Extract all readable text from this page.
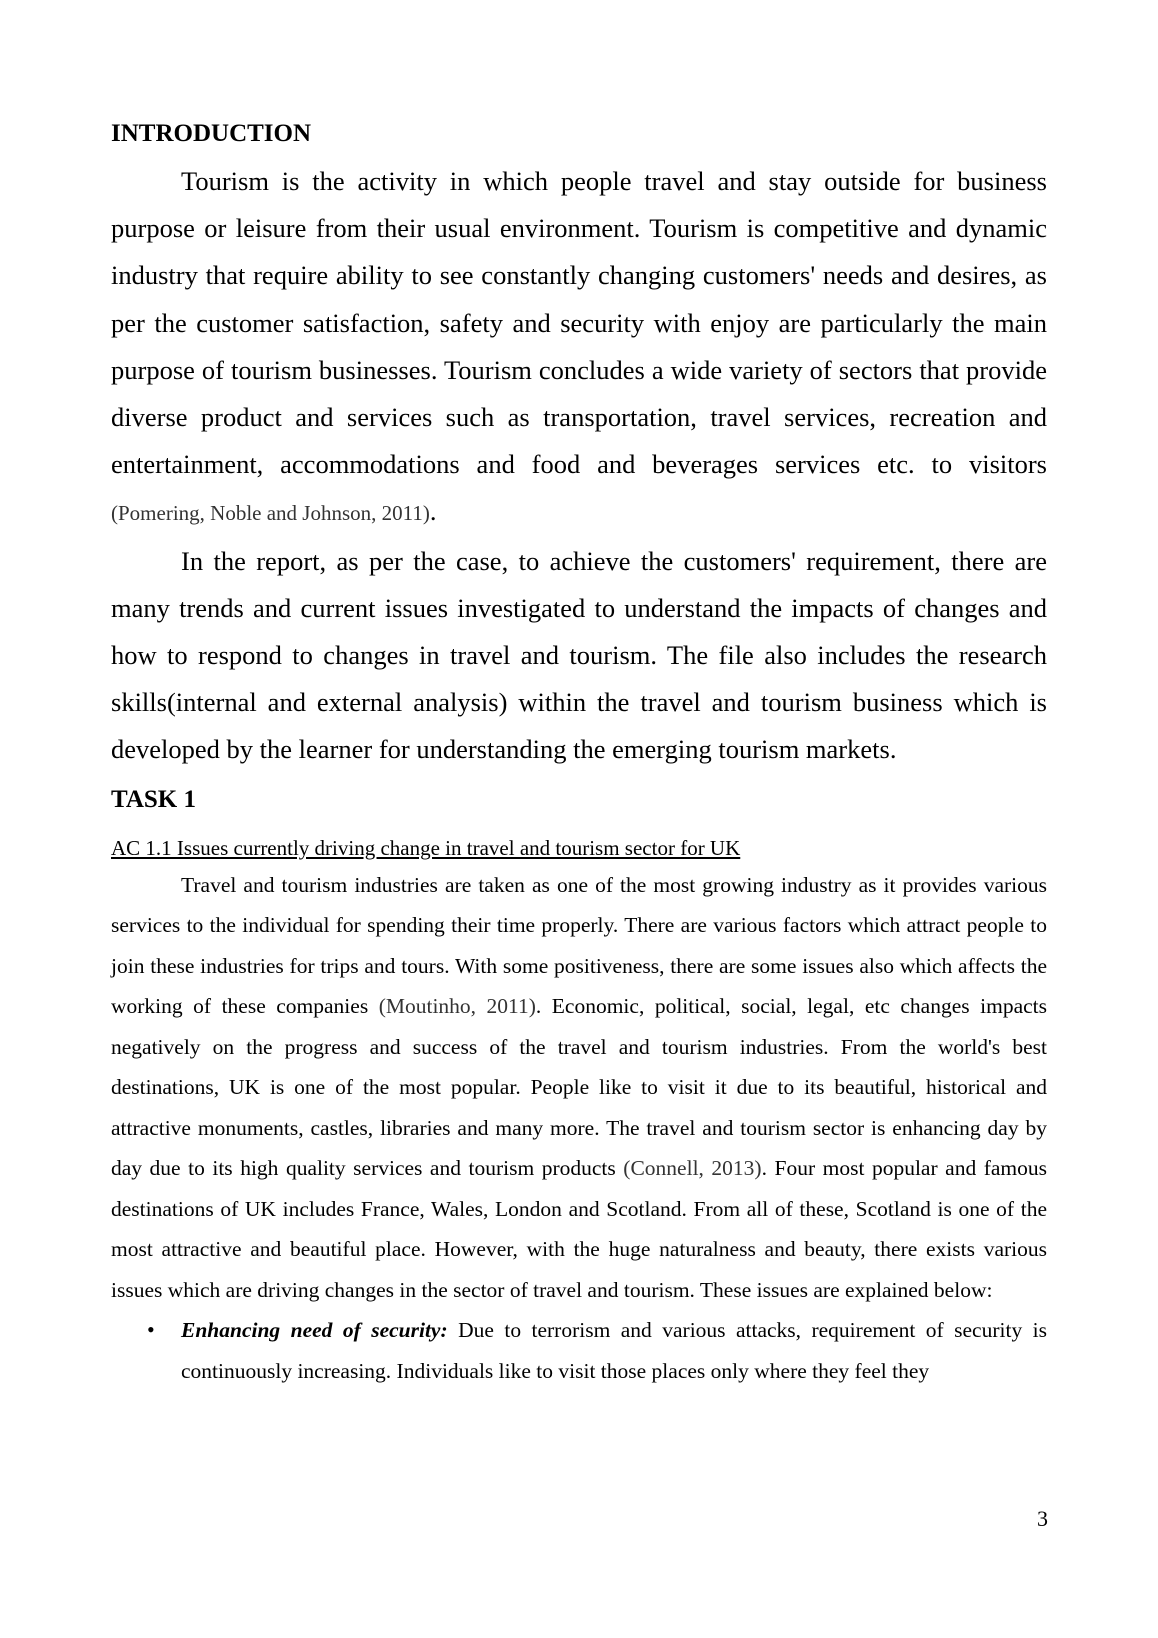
INTRODUCTION

Tourism is the activity in which people travel and stay outside for business purpose or leisure from their usual environment. Tourism is competitive and dynamic industry that require ability to see constantly changing customers' needs and desires, as per the customer satisfaction, safety and security with enjoy are particularly the main purpose of tourism businesses. Tourism concludes a wide variety of sectors that provide diverse product and services such as transportation, travel services, recreation and entertainment, accommodations and food and beverages services etc. to visitors (Pomering, Noble and Johnson, 2011).

In the report, as per the case, to achieve the customers' requirement, there are many trends and current issues investigated to understand the impacts of changes and how to respond to changes in travel and tourism. The file also includes the research skills(internal and external analysis) within the travel and tourism business which is developed by the learner for understanding the emerging tourism markets.

TASK 1

AC 1.1 Issues currently driving change in travel and tourism sector for UK

Travel and tourism industries are taken as one of the most growing industry as it provides various services to the individual for spending their time properly. There are various factors which attract people to join these industries for trips and tours. With some positiveness, there are some issues also which affects the working of these companies (Moutinho, 2011). Economic, political, social, legal, etc changes impacts negatively on the progress and success of the travel and tourism industries. From the world's best destinations, UK is one of the most popular. People like to visit it due to its beautiful, historical and attractive monuments, castles, libraries and many more. The travel and tourism sector is enhancing day by day due to its high quality services and tourism products (Connell, 2013). Four most popular and famous destinations of UK includes France, Wales, London and Scotland. From all of these, Scotland is one of the most attractive and beautiful place. However, with the huge naturalness and beauty, there exists various issues which are driving changes in the sector of travel and tourism. These issues are explained below:

• Enhancing need of security: Due to terrorism and various attacks, requirement of security is continuously increasing. Individuals like to visit those places only where they feel they
3
